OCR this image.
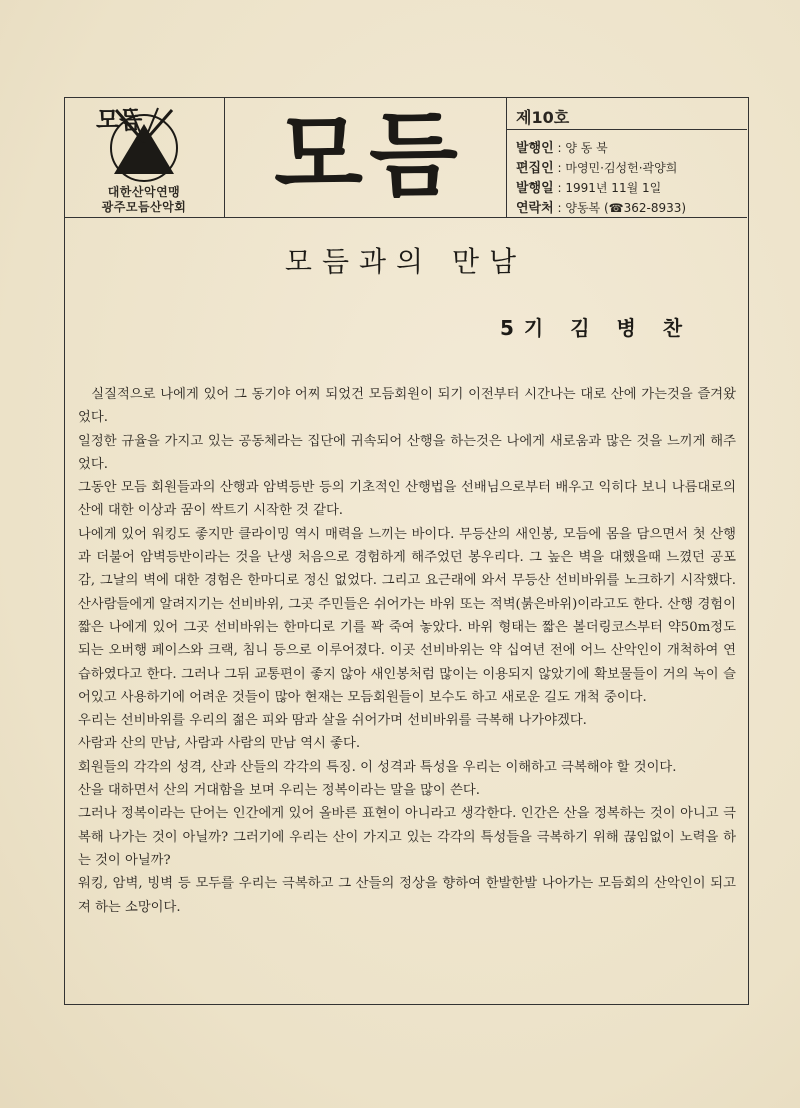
모듬
대한산악연맹
광주모듬산악회 모듬	제10호
발행인 : 양 동 북
편집인 : 마영민·김성헌·곽양희
발행일 : 1991년 11월 1일
연락처 : 양동복 (☎362-8933)
모듬과의 만남
5기 김 병 찬

실질적으로 나에게 있어 그 동기야 어찌 되었건 모듬회원이 되기 이전부터 시간나는 대로 산에 가는것을 즐겨왔었다.

일정한 규율을 가지고 있는 공동체라는 집단에 귀속되어 산행을 하는것은 나에게 새로움과 많은 것을 느끼게 해주었다.

그동안 모듬 회원들과의 산행과 암벽등반 등의 기초적인 산행법을 선배님으로부터 배우고 익히다 보니 나름대로의 산에 대한 이상과 꿈이 싹트기 시작한 것 같다.

나에게 있어 워킹도 좋지만 클라이밍 역시 매력을 느끼는 바이다. 무등산의 새인봉, 모듬에 몸을 담으면서 첫 산행과 더불어 암벽등반이라는 것을 난생 처음으로 경험하게 해주었던 봉우리다. 그 높은 벽을 대했을때 느꼈던 공포감, 그날의 벽에 대한 경험은 한마디로 정신 없었다. 그리고 요근래에 와서 무등산 선비바위를 노크하기 시작했다. 산사람들에게 알려지기는 선비바위, 그곳 주민들은 쉬어가는 바위 또는 적벽(붉은바위)이라고도 한다. 산행 경험이 짧은 나에게 있어 그곳 선비바위는 한마디로 기를 꽉 죽여 놓았다. 바위 형태는 짧은 볼더링코스부터 약50m정도 되는 오버행 페이스와 크랙, 침니 등으로 이루어졌다. 이곳 선비바위는 약 십여년 전에 어느 산악인이 개척하여 연습하였다고 한다. 그러나 그뒤 교통편이 좋지 않아 새인봉처럼 많이는 이용되지 않았기에 확보물들이 거의 녹이 슬어있고 사용하기에 어려운 것들이 많아 현재는 모듬회원들이 보수도 하고 새로운 길도 개척 중이다.

우리는 선비바위를 우리의 젊은 피와 땀과 살을 쉬어가며 선비바위를 극복해 나가야겠다.

사람과 산의 만남, 사람과 사람의 만남 역시 좋다.

회원들의 각각의 성격, 산과 산들의 각각의 특징. 이 성격과 특성을 우리는 이해하고 극복해야 할 것이다.

산을 대하면서 산의 거대함을 보며 우리는 정복이라는 말을 많이 쓴다.

그러나 정복이라는 단어는 인간에게 있어 올바른 표현이 아니라고 생각한다. 인간은 산을 정복하는 것이 아니고 극복해 나가는 것이 아닐까? 그러기에 우리는 산이 가지고 있는 각각의 특성들을 극복하기 위해 끊임없이 노력을 하는 것이 아닐까?

워킹, 암벽, 빙벽 등 모두를 우리는 극복하고 그 산들의 정상을 향하여 한발한발 나아가는 모듬회의 산악인이 되고져 하는 소망이다.
